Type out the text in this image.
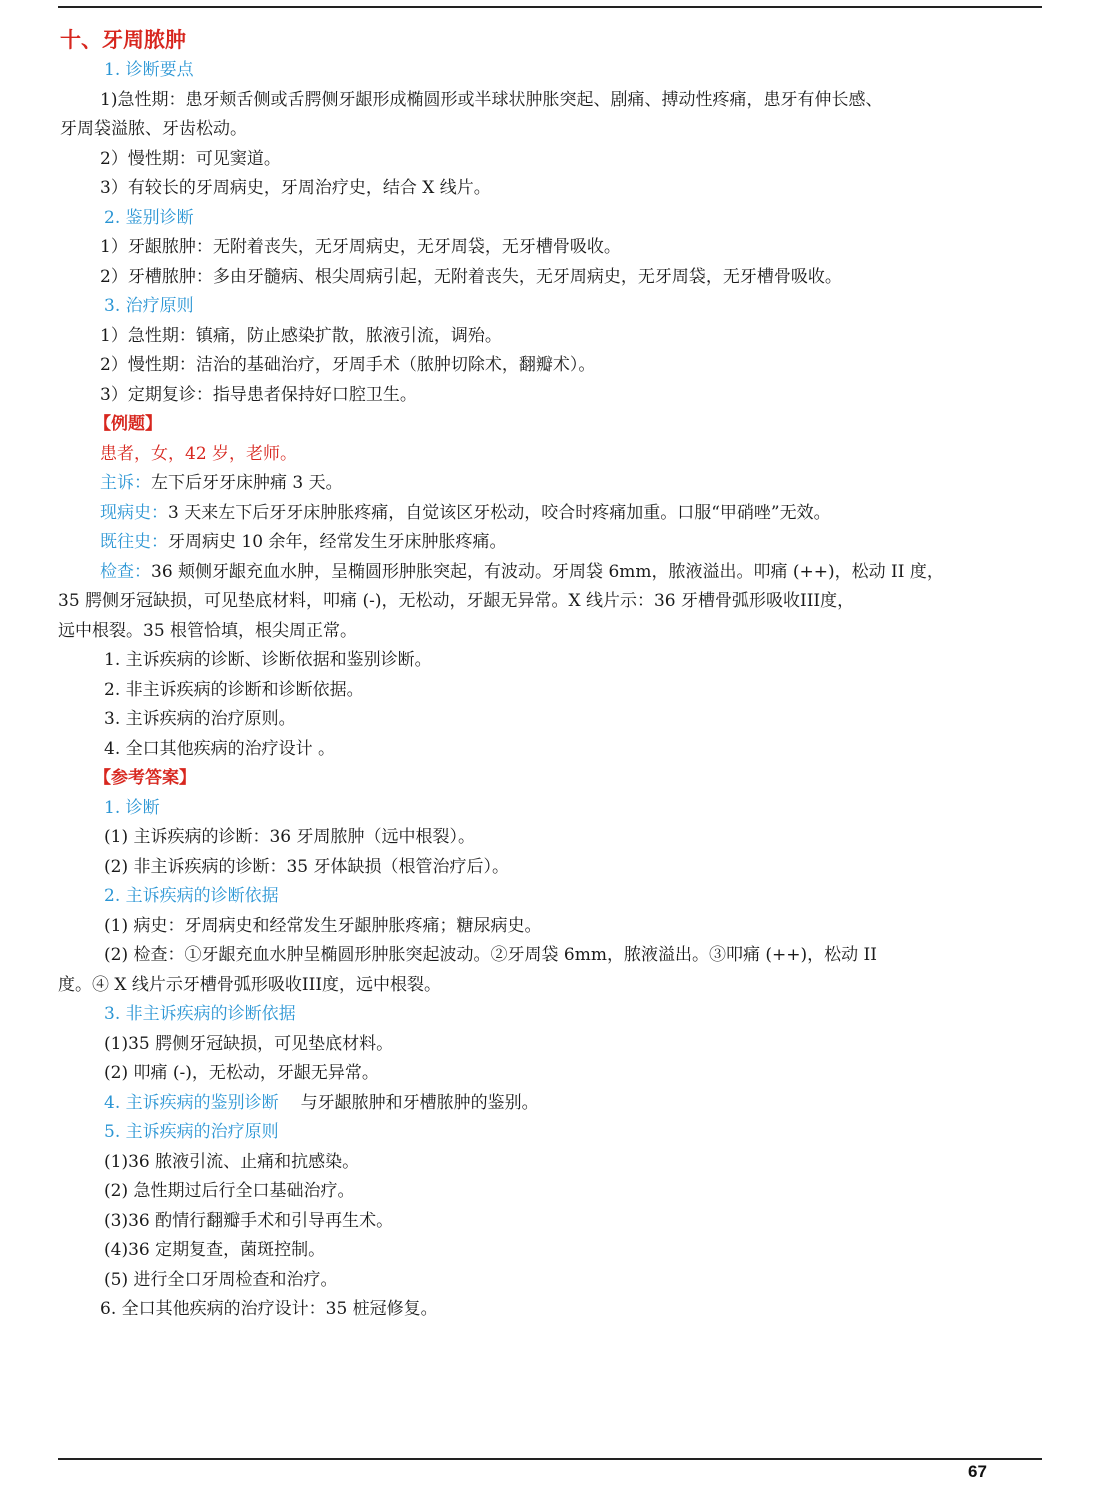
十、牙周脓肿
1. 诊断要点
1)急性期：患牙颊舌侧或舌腭侧牙龈形成椭圆形或半球状肿胀突起、剧痛、搏动性疼痛，患牙有伸长感、
牙周袋溢脓、牙齿松动。
2）慢性期：可见窦道。
3）有较长的牙周病史，牙周治疗史，结合 X 线片。
2. 鉴别诊断
1）牙龈脓肿：无附着丧失，无牙周病史，无牙周袋，无牙槽骨吸收。
2）牙槽脓肿：多由牙髓病、根尖周病引起，无附着丧失，无牙周病史，无牙周袋，无牙槽骨吸收。
3. 治疗原则
1）急性期：镇痛，防止感染扩散，脓液引流，调殆。
2）慢性期：洁治的基础治疗，牙周手术（脓肿切除术，翻瓣术）。
3）定期复诊：指导患者保持好口腔卫生。
【例题】
患者，女，42 岁，老师。
主诉：左下后牙牙床肿痛 3 天。
现病史：3 天来左下后牙牙床肿胀疼痛，自觉该区牙松动，咬合时疼痛加重。口服“甲硝唑”无效。
既往史：牙周病史 10 余年，经常发生牙床肿胀疼痛。
检查：36 颊侧牙龈充血水肿，呈椭圆形肿胀突起，有波动。牙周袋 6mm，脓液溢出。叩痛 (++)，松动 II 度，
35 腭侧牙冠缺损，可见垫底材料，叩痛 (-)，无松动，牙龈无异常。X 线片示：36 牙槽骨弧形吸收III度，
远中根裂。35 根管恰填，根尖周正常。
1. 主诉疾病的诊断、诊断依据和鉴别诊断。
2. 非主诉疾病的诊断和诊断依据。
3. 主诉疾病的治疗原则。
4. 全口其他疾病的治疗设计 。
【参考答案】
1. 诊断
(1) 主诉疾病的诊断：36 牙周脓肿（远中根裂）。
(2) 非主诉疾病的诊断：35 牙体缺损（根管治疗后）。
2. 主诉疾病的诊断依据
(1) 病史：牙周病史和经常发生牙龈肿胀疼痛；糖尿病史。
(2) 检查：①牙龈充血水肿呈椭圆形肿胀突起波动。②牙周袋 6mm，脓液溢出。③叩痛 (++)，松动 II
度。④ X 线片示牙槽骨弧形吸收III度，远中根裂。
3. 非主诉疾病的诊断依据
(1)35 腭侧牙冠缺损，可见垫底材料。
(2) 叩痛 (-)，无松动，牙龈无异常。
4. 主诉疾病的鉴别诊断 与牙龈脓肿和牙槽脓肿的鉴别。
5. 主诉疾病的治疗原则
(1)36 脓液引流、止痛和抗感染。
(2) 急性期过后行全口基础治疗。
(3)36 酌情行翻瓣手术和引导再生术。
(4)36 定期复查，菌斑控制。
(5) 进行全口牙周检查和治疗。
6. 全口其他疾病的治疗设计：35 桩冠修复。
67
